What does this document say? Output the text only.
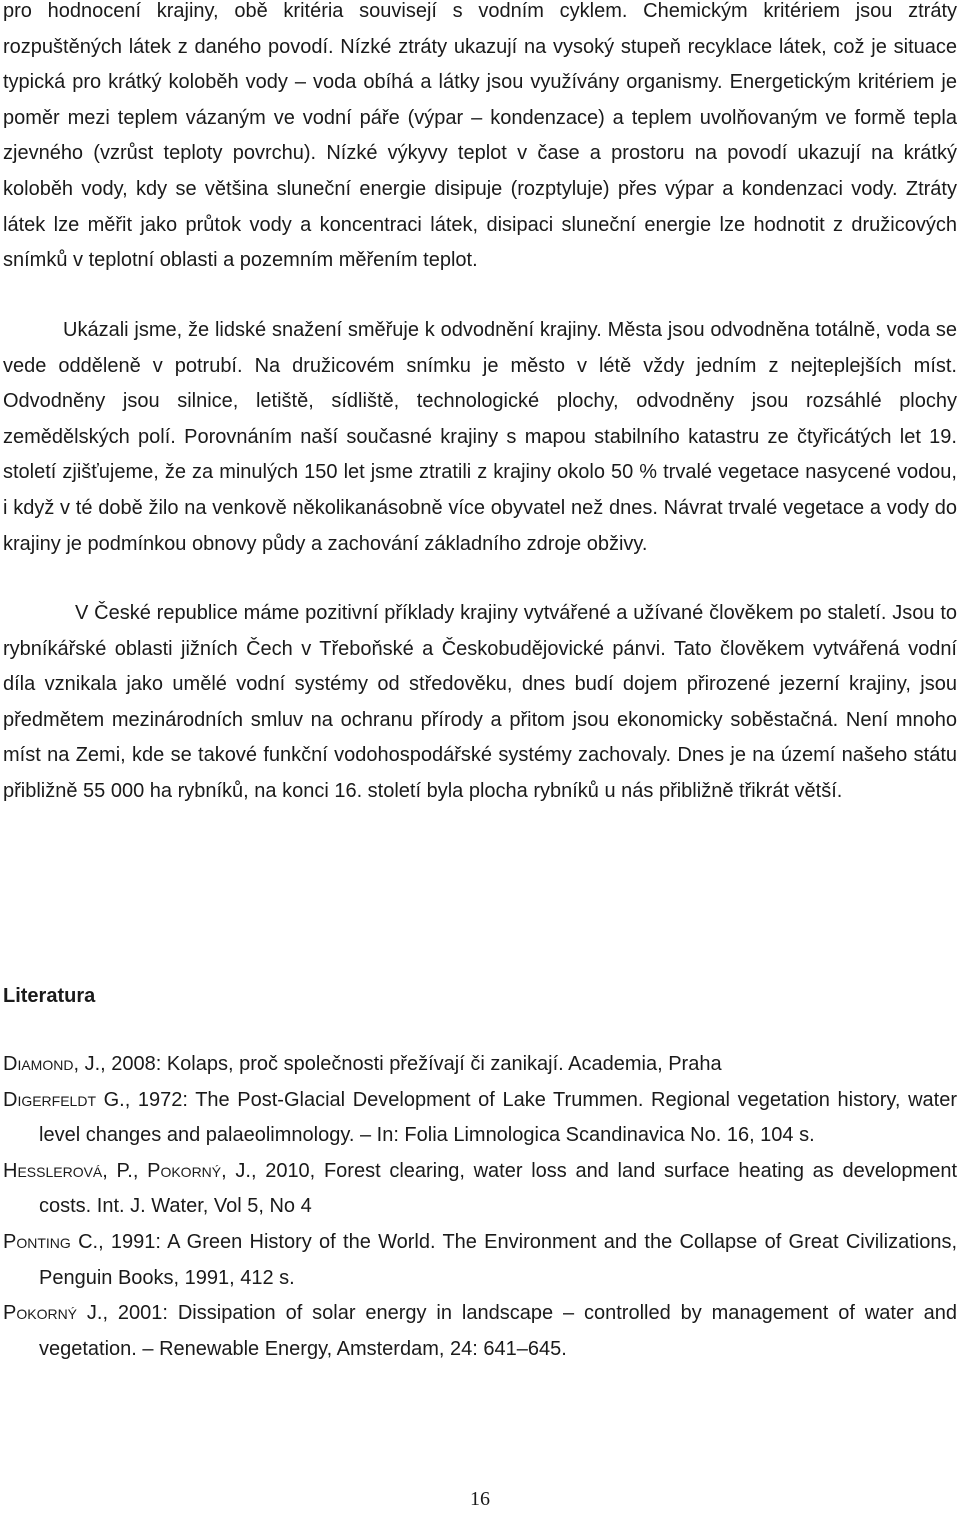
pro hodnocení krajiny, obě kritéria souvisejí s vodním cyklem. Chemickým kritériem jsou ztráty rozpuštěných látek z daného povodí. Nízké ztráty ukazují na vysoký stupeň recyklace látek, což je situace typická pro krátký koloběh vody – voda obíhá a látky jsou využívány organismy. Energetickým kritériem je poměr mezi teplem vázaným ve vodní páře (výpar – kondenzace) a teplem uvolňovaným ve formě tepla zjevného (vzrůst teploty povrchu). Nízké výkyvy teplot v čase a prostoru na povodí ukazují na krátký koloběh vody, kdy se většina sluneční energie disipuje (rozptyluje) přes výpar a kondenzaci vody. Ztráty látek lze měřit jako průtok vody a koncentraci látek, disipaci sluneční energie lze hodnotit z družicových snímků v teplotní oblasti a pozemním měřením teplot.

Ukázali jsme, že lidské snažení směřuje k odvodnění krajiny. Města jsou odvodněna totálně, voda se vede odděleně v potrubí. Na družicovém snímku je město v létě vždy jedním z nejteplejších míst. Odvodněny jsou silnice, letiště, sídliště, technologické plochy, odvodněny jsou rozsáhlé plochy zemědělských polí. Porovnáním naší současné krajiny s mapou stabilního katastru ze čtyřicátých let 19. století zjišťujeme, že za minulých 150 let jsme ztratili z krajiny okolo 50 % trvalé vegetace nasycené vodou, i když v té době žilo na venkově několikanásobně více obyvatel než dnes. Návrat trvalé vegetace a vody do krajiny je podmínkou obnovy půdy a zachování základního zdroje obživy.

V České republice máme pozitivní příklady krajiny vytvářené a užívané člověkem po staletí. Jsou to rybníkářské oblasti jižních Čech v Třeboňské a Českobudějovické pánvi. Tato člověkem vytvářená vodní díla vznikala jako umělé vodní systémy od středověku, dnes budí dojem přirozené jezerní krajiny, jsou předmětem mezinárodních smluv na ochranu přírody a přitom jsou ekonomicky soběstačná. Není mnoho míst na Zemi, kde se takové funkční vodohospodářské systémy zachovaly. Dnes je na území našeho státu přibližně 55 000 ha rybníků, na konci 16. století byla plocha rybníků u nás přibližně třikrát větší.

Literatura

Diamond, J., 2008: Kolaps, proč společnosti přežívají či zanikají. Academia, Praha

Digerfeldt G., 1972: The Post-Glacial Development of Lake Trummen. Regional vegetation history, water level changes and palaeolimnology. – In: Folia Limnologica Scandinavica No. 16, 104 s.

Hesslerová, P., Pokorný, J., 2010, Forest clearing, water loss and land surface heating as development costs. Int. J. Water, Vol 5, No 4

Ponting C., 1991: A Green History of the World. The Environment and the Collapse of Great Civilizations, Penguin Books, 1991, 412 s.

Pokorný J., 2001: Dissipation of solar energy in landscape – controlled by management of water and vegetation. – Renewable Energy, Amsterdam, 24: 641–645.

16
